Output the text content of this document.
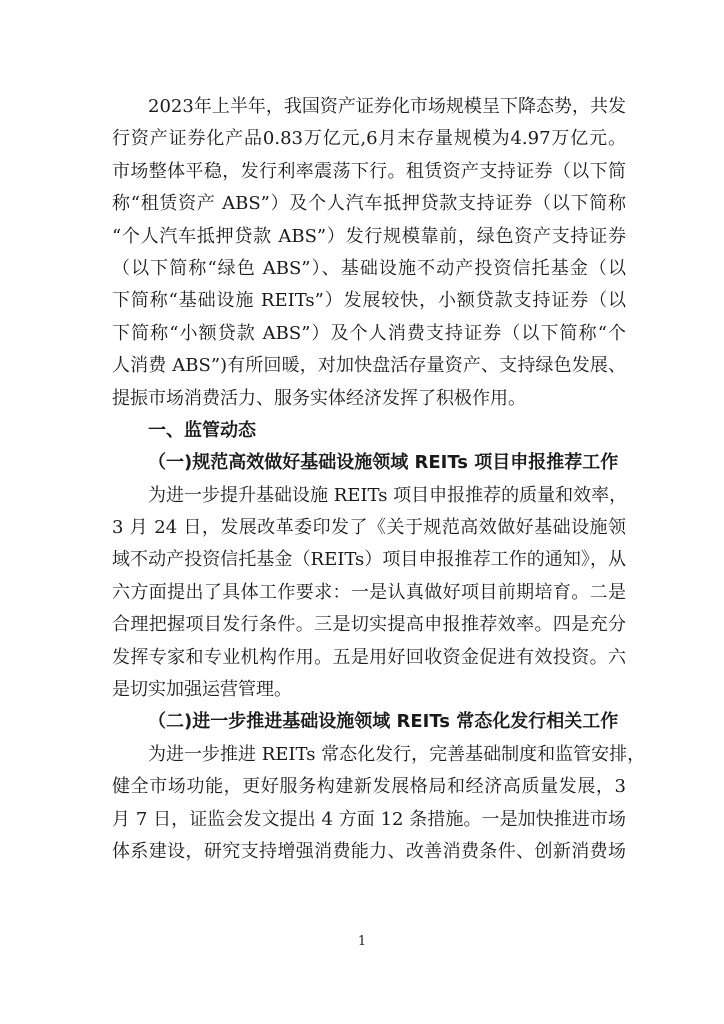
2023年上半年，我国资产证券化市场规模呈下降态势，共发
行资产证券化产品0.83万亿元,6月末存量规模为4.97万亿元。
市场整体平稳，发行利率震荡下行。租赁资产支持证券（以下简
称“租赁资产 ABS”）及个人汽车抵押贷款支持证券（以下简称
“个人汽车抵押贷款 ABS”）发行规模靠前，绿色资产支持证券
（以下简称“绿色 ABS”）、基础设施不动产投资信托基金（以
下简称“基础设施 REITs”）发展较快，小额贷款支持证券（以
下简称“小额贷款 ABS”）及个人消费支持证券（以下简称“个
人消费 ABS”)有所回暖，对加快盘活存量资产、支持绿色发展、
提振市场消费活力、服务实体经济发挥了积极作用。
一、监管动态
（一)规范高效做好基础设施领域 REITs 项目申报推荐工作
为进一步提升基础设施 REITs 项目申报推荐的质量和效率，
3 月 24 日，发展改革委印发了《关于规范高效做好基础设施领
域不动产投资信托基金（REITs）项目申报推荐工作的通知》，从
六方面提出了具体工作要求：一是认真做好项目前期培育。二是
合理把握项目发行条件。三是切实提高申报推荐效率。四是充分
发挥专家和专业机构作用。五是用好回收资金促进有效投资。六
是切实加强运营管理。
（二)进一步推进基础设施领域 REITs 常态化发行相关工作
为进一步推进 REITs 常态化发行，完善基础制度和监管安排，
健全市场功能，更好服务构建新发展格局和经济高质量发展，3
月 7 日，证监会发文提出 4 方面 12 条措施。一是加快推进市场
体系建设，研究支持增强消费能力、改善消费条件、创新消费场
1
